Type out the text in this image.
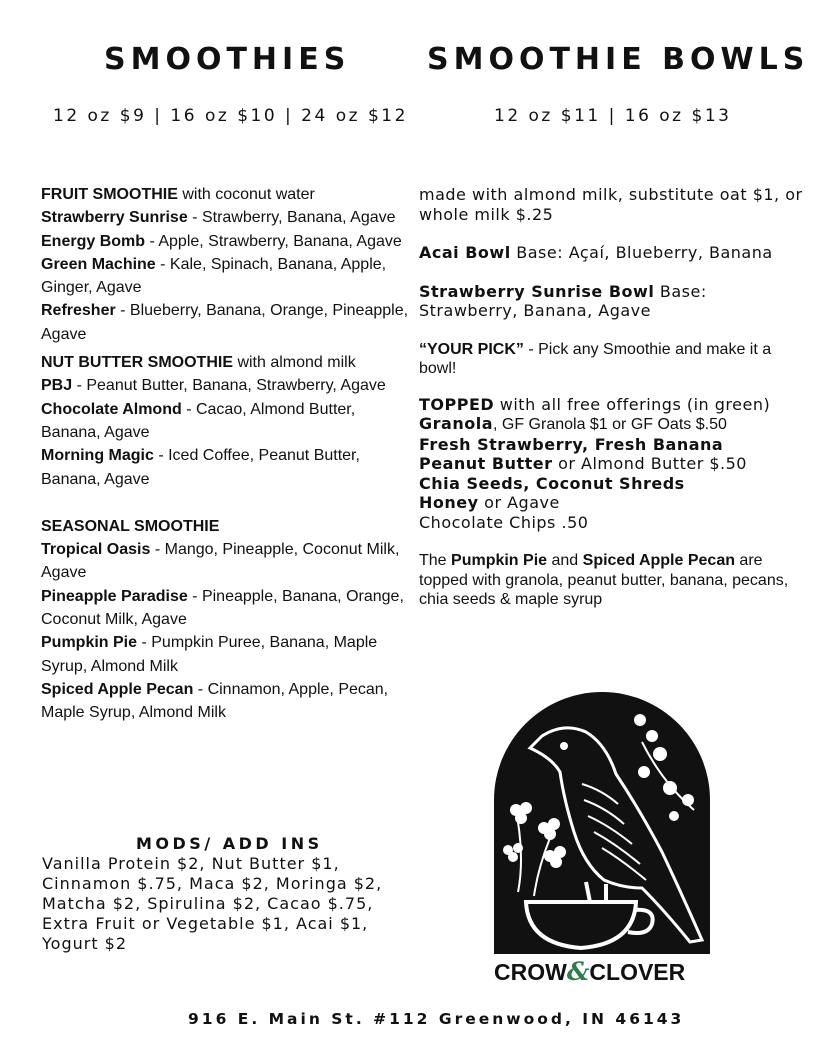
SMOOTHIES	SMOOTHIE BOWLS
12 oz $9 | 16 oz $10 | 24 oz $12	12 oz $11 | 16 oz $13
FRUIT SMOOTHIE with coconut water
Strawberry Sunrise - Strawberry, Banana, Agave
Energy Bomb - Apple, Strawberry, Banana, Agave
Green Machine - Kale, Spinach, Banana, Apple, Ginger, Agave
Refresher - Blueberry, Banana, Orange, Pineapple, Agave
NUT BUTTER SMOOTHIE with almond milk
PBJ - Peanut Butter, Banana, Strawberry, Agave
Chocolate Almond - Cacao, Almond Butter, Banana, Agave
Morning Magic - Iced Coffee, Peanut Butter, Banana, Agave
SEASONAL SMOOTHIE
Tropical Oasis - Mango, Pineapple, Coconut Milk, Agave
Pineapple Paradise - Pineapple, Banana, Orange, Coconut Milk, Agave
Pumpkin Pie - Pumpkin Puree, Banana, Maple Syrup, Almond Milk
Spiced Apple Pecan - Cinnamon, Apple, Pecan, Maple Syrup, Almond Milk
MODS/ ADD INS
Vanilla Protein $2, Nut Butter $1, Cinnamon $.75, Maca $2, Moringa $2, Matcha $2, Spirulina $2, Cacao $.75, Extra Fruit or Vegetable $1, Acai $1, Yogurt $2
made with almond milk, substitute oat $1, or whole milk $.25
Acai Bowl Base: Açaí, Blueberry, Banana
Strawberry Sunrise Bowl Base: Strawberry, Banana, Agave
“YOUR PICK” - Pick any Smoothie and make it a bowl!
TOPPED with all free offerings (in green)
Granola, GF Granola $1 or GF Oats $.50
Fresh Strawberry, Fresh Banana
Peanut Butter or Almond Butter $.50
Chia Seeds, Coconut Shreds
Honey or Agave
Chocolate Chips .50
The Pumpkin Pie and Spiced Apple Pecan are topped with granola, peanut butter, banana, pecans, chia seeds & maple syrup
CROW&CLOVER
916 E. Main St. #112 Greenwood, IN 46143
